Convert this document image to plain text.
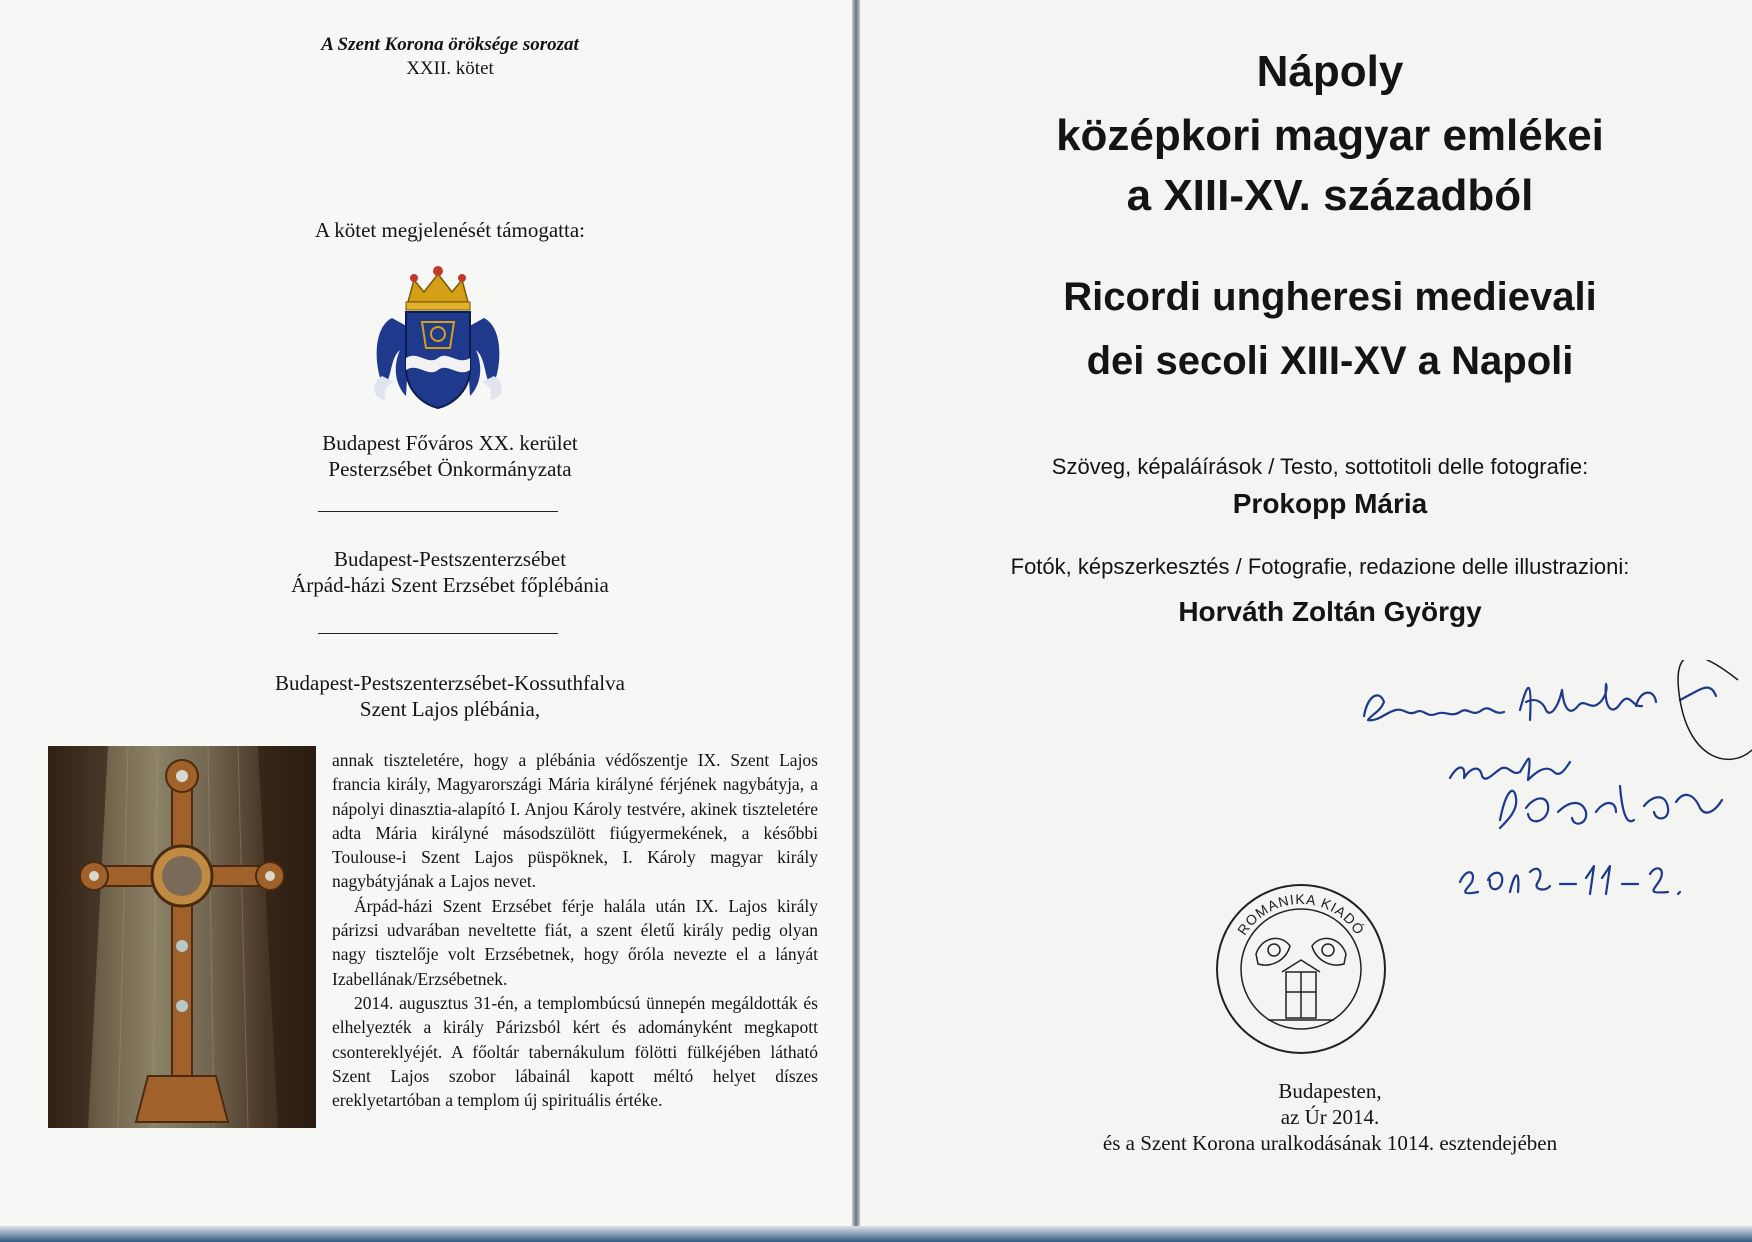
A Szent Korona öröksége sorozat
XXII. kötet
A kötet megjelenését támogatta:
Budapest Főváros XX. kerület
Pesterzsébet Önkormányzata
Budapest-Pestszenterzsébet
Árpád-házi Szent Erzsébet főplébánia
Budapest-Pestszenterzsébet-Kossuthfalva
Szent Lajos plébánia,

annak tiszteletére, hogy a plébánia védőszentje IX. Szent Lajos francia király, Magyarországi Mária királyné férjének nagybátyja, a nápolyi dinasztia-alapító I. Anjou Károly testvére, akinek tiszteletére adta Mária királyné másodszülött fiúgyermekének, a későbbi Toulouse-i Szent Lajos püspöknek, I. Károly magyar király nagybátyjának a Lajos nevet.

Árpád-házi Szent Erzsébet férje halála után IX. Lajos király párizsi udvarában neveltette fiát, a szent életű király pedig olyan nagy tisztelője volt Erzsébetnek, hogy őróla nevezte el a lányát Izabellának/Erzsébetnek.

2014. augusztus 31-én, a templombúcsú ünnepén megáldották és elhelyezték a király Párizsból kért és adományként megkapott csontereklyéjét. A főoltár tabernákulum fölötti fülkéjében látható Szent Lajos szobor lábainál kapott méltó helyet díszes ereklyetartóban a templom új spirituális értéke.

Nápoly
középkori magyar emlékei
a XIII-XV. századból
Ricordi ungheresi medievali
dei secoli XIII-XV a Napoli
Szöveg, képaláírások / Testo, sottotitoli delle fotografie:
Prokopp Mária
Fotók, képszerkesztés / Fotografie, redazione delle illustrazioni:
Horváth Zoltán György
ROMANIKA KIADÓ
Budapesten,
az Úr 2014.
és a Szent Korona uralkodásának 1014. esztendejében
